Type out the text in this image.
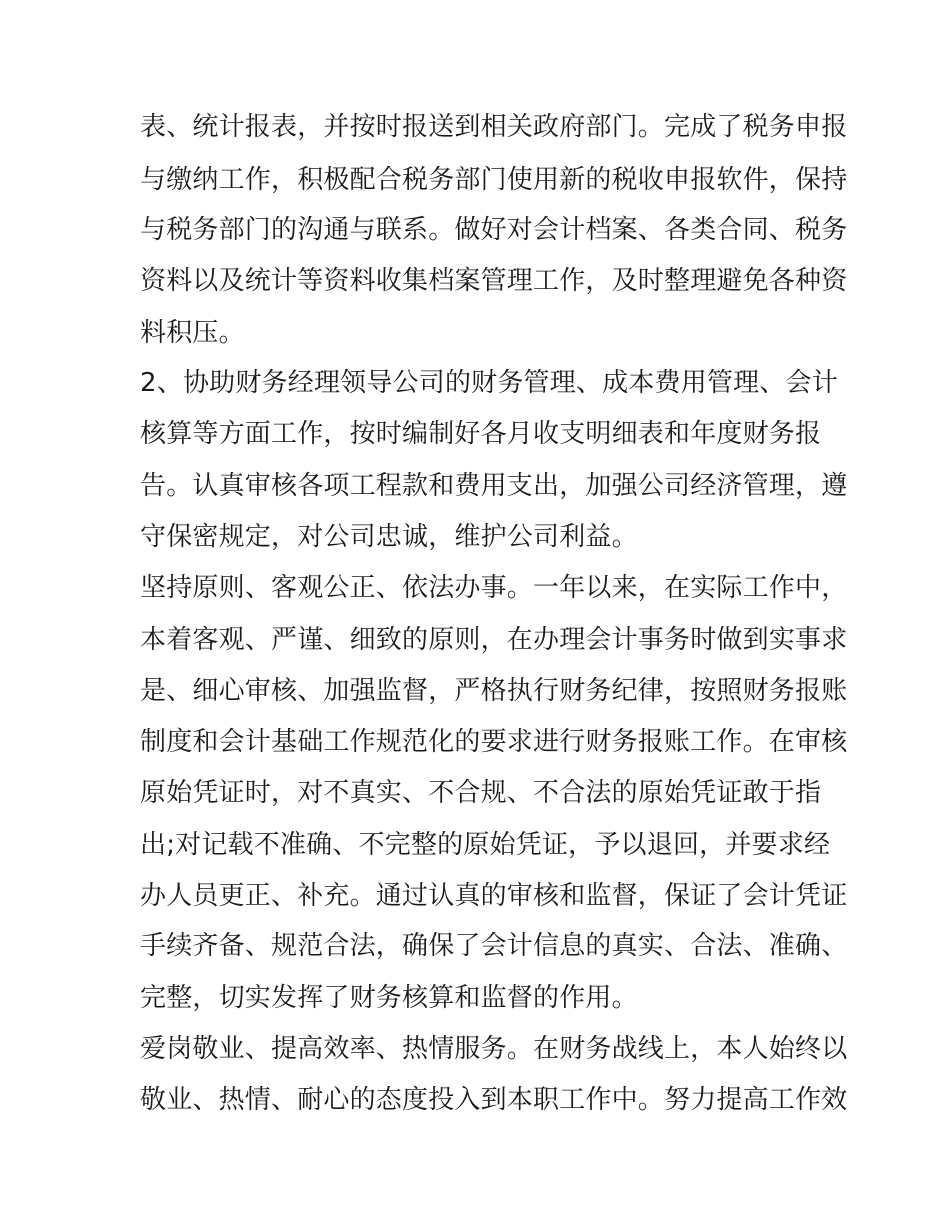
表、统计报表，并按时报送到相关政府部门。完成了税务申报

与缴纳工作，积极配合税务部门使用新的税收申报软件，保持

与税务部门的沟通与联系。做好对会计档案、各类合同、税务

资料以及统计等资料收集档案管理工作，及时整理避免各种资

料积压。

2、协助财务经理领导公司的财务管理、成本费用管理、会计

核算等方面工作，按时编制好各月收支明细表和年度财务报

告。认真审核各项工程款和费用支出，加强公司经济管理，遵

守保密规定，对公司忠诚，维护公司利益。

坚持原则、客观公正、依法办事。一年以来，在实际工作中，

本着客观、严谨、细致的原则，在办理会计事务时做到实事求

是、细心审核、加强监督，严格执行财务纪律，按照财务报账

制度和会计基础工作规范化的要求进行财务报账工作。在审核

原始凭证时，对不真实、不合规、不合法的原始凭证敢于指

出;对记载不准确、不完整的原始凭证，予以退回，并要求经

办人员更正、补充。通过认真的审核和监督，保证了会计凭证

手续齐备、规范合法，确保了会计信息的真实、合法、准确、

完整，切实发挥了财务核算和监督的作用。

爱岗敬业、提高效率、热情服务。在财务战线上，本人始终以

敬业、热情、耐心的态度投入到本职工作中。努力提高工作效
